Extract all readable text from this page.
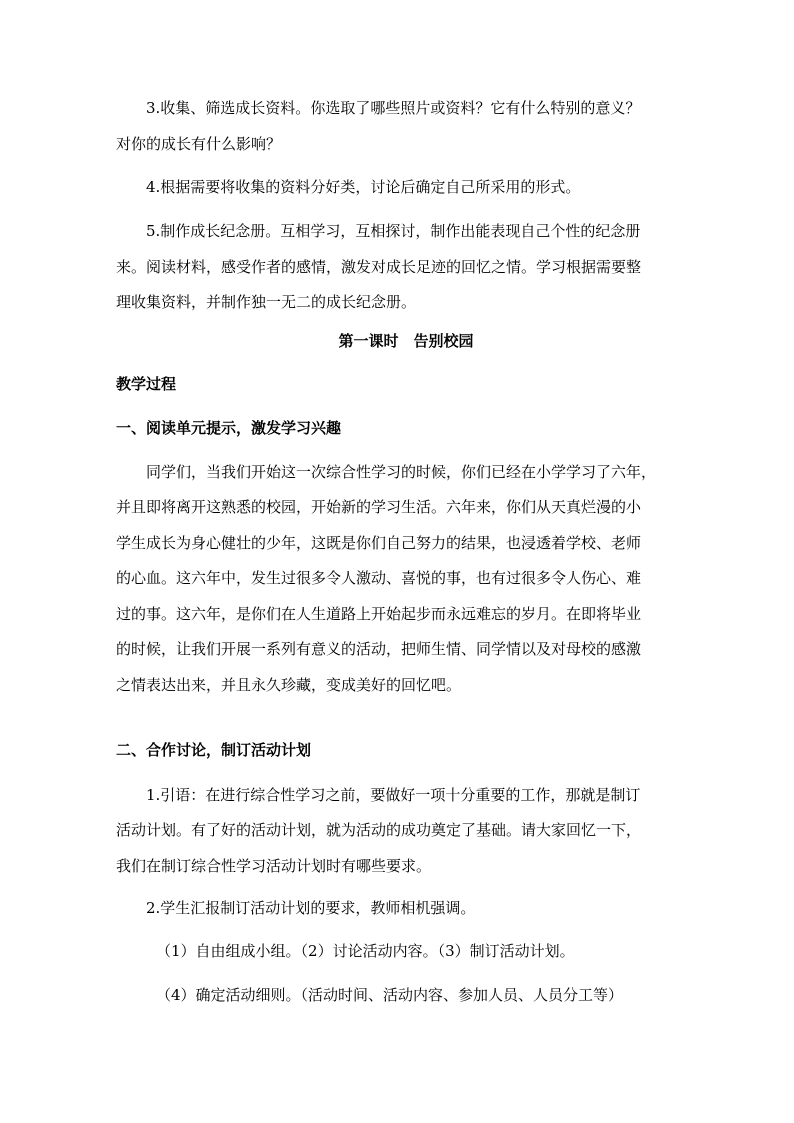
3.收集、筛选成长资料。你选取了哪些照片或资料？它有什么特别的意义？
对你的成长有什么影响？
4.根据需要将收集的资料分好类，讨论后确定自己所采用的形式。
5.制作成长纪念册。互相学习，互相探讨，制作出能表现自己个性的纪念册
来。阅读材料，感受作者的感情，激发对成长足迹的回忆之情。学习根据需要整
理收集资料，并制作独一无二的成长纪念册。
第一课时　告别校园
教学过程
一、阅读单元提示，激发学习兴趣
同学们，当我们开始这一次综合性学习的时候，你们已经在小学学习了六年，
并且即将离开这熟悉的校园，开始新的学习生活。六年来，你们从天真烂漫的小
学生成长为身心健壮的少年，这既是你们自己努力的结果，也浸透着学校、老师
的心血。这六年中，发生过很多令人激动、喜悦的事，也有过很多令人伤心、难
过的事。这六年，是你们在人生道路上开始起步而永远难忘的岁月。在即将毕业
的时候，让我们开展一系列有意义的活动，把师生情、同学情以及对母校的感激
之情表达出来，并且永久珍藏，变成美好的回忆吧。
二、合作讨论，制订活动计划
1.引语：在进行综合性学习之前，要做好一项十分重要的工作，那就是制订
活动计划。有了好的活动计划，就为活动的成功奠定了基础。请大家回忆一下，
我们在制订综合性学习活动计划时有哪些要求。
2.学生汇报制订活动计划的要求，教师相机强调。
（1）自由组成小组。（2）讨论活动内容。（3）制订活动计划。
（4）确定活动细则。（活动时间、活动内容、参加人员、人员分工等）
